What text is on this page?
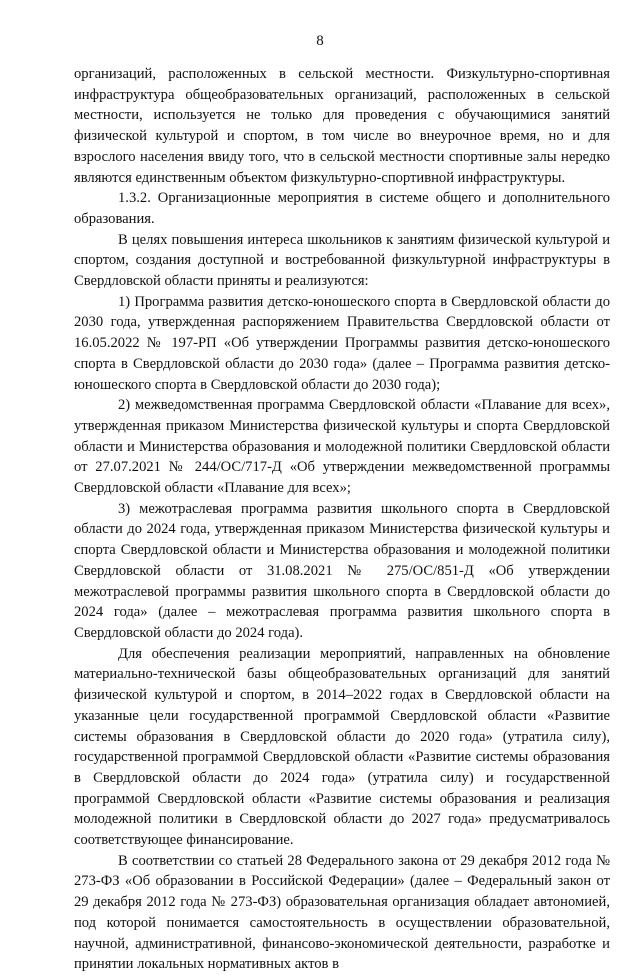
8

организаций, расположенных в сельской местности. Физкультурно-спортивная инфраструктура общеобразовательных организаций, расположенных в сельской местности, используется не только для проведения с обучающимися занятий физической культурой и спортом, в том числе во внеурочное время, но и для взрослого населения ввиду того, что в сельской местности спортивные залы нередко являются единственным объектом физкультурно-спортивной инфраструктуры.

1.3.2. Организационные мероприятия в системе общего и дополнительного образования.

В целях повышения интереса школьников к занятиям физической культурой и спортом, создания доступной и востребованной физкультурной инфраструктуры в Свердловской области приняты и реализуются:

1) Программа развития детско-юношеского спорта в Свердловской области до 2030 года, утвержденная распоряжением Правительства Свердловской области от 16.05.2022 № 197-РП «Об утверждении Программы развития детско-юношеского спорта в Свердловской области до 2030 года» (далее – Программа развития детско-юношеского спорта в Свердловской области до 2030 года);

2) межведомственная программа Свердловской области «Плавание для всех», утвержденная приказом Министерства физической культуры и спорта Свердловской области и Министерства образования и молодежной политики Свердловской области от 27.07.2021 № 244/ОС/717-Д «Об утверждении межведомственной программы Свердловской области «Плавание для всех»;

3) межотраслевая программа развития школьного спорта в Свердловской области до 2024 года, утвержденная приказом Министерства физической культуры и спорта Свердловской области и Министерства образования и молодежной политики Свердловской области от 31.08.2021 № 275/ОС/851-Д «Об утверждении межотраслевой программы развития школьного спорта в Свердловской области до 2024 года» (далее – межотраслевая программа развития школьного спорта в Свердловской области до 2024 года).

Для обеспечения реализации мероприятий, направленных на обновление материально-технической базы общеобразовательных организаций для занятий физической культурой и спортом, в 2014–2022 годах в Свердловской области на указанные цели государственной программой Свердловской области «Развитие системы образования в Свердловской области до 2020 года» (утратила силу), государственной программой Свердловской области «Развитие системы образования в Свердловской области до 2024 года» (утратила силу) и государственной программой Свердловской области «Развитие системы образования и реализация молодежной политики в Свердловской области до 2027 года» предусматривалось соответствующее финансирование.

В соответствии со статьей 28 Федерального закона от 29 декабря 2012 года № 273-ФЗ «Об образовании в Российской Федерации» (далее – Федеральный закон от 29 декабря 2012 года № 273-ФЗ) образовательная организация обладает автономией, под которой понимается самостоятельность в осуществлении образовательной, научной, административной, финансово-экономической деятельности, разработке и принятии локальных нормативных актов в
